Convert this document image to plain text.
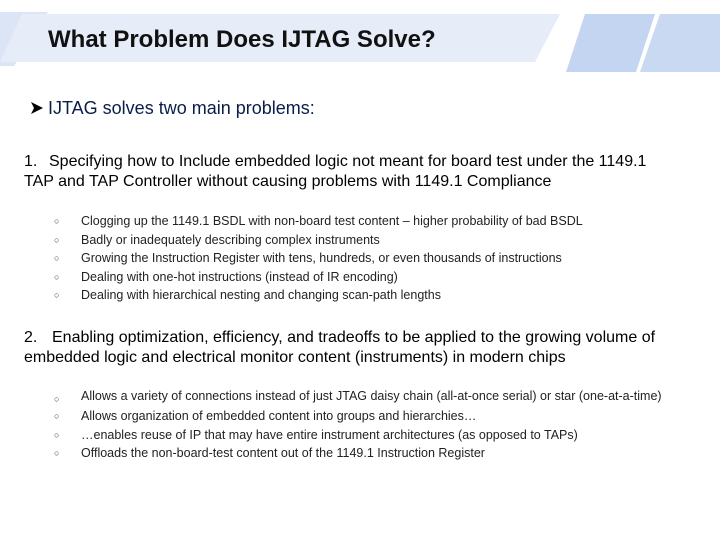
What Problem Does IJTAG Solve?
IJTAG solves two main problems:
1. Specifying how to Include embedded logic not meant for board test under the 1149.1 TAP and TAP Controller without causing problems with 1149.1 Compliance
○ Clogging up the 1149.1 BSDL with non-board test content – higher probability of bad BSDL
○ Badly or inadequately describing complex instruments
○ Growing the Instruction Register with tens, hundreds, or even thousands of instructions
○ Dealing with one-hot instructions (instead of IR encoding)
○ Dealing with hierarchical nesting and changing scan-path lengths
2. Enabling optimization, efficiency, and tradeoffs to be applied to the growing volume of embedded logic and electrical monitor content (instruments) in modern chips
○ Allows a variety of connections instead of just JTAG daisy chain (all-at-once serial) or star (one-at-a-time)
○ Allows organization of embedded content into groups and hierarchies…
○ …enables reuse of IP that may have entire instrument architectures (as opposed to TAPs)
○ Offloads the non-board-test content out of the 1149.1 Instruction Register
